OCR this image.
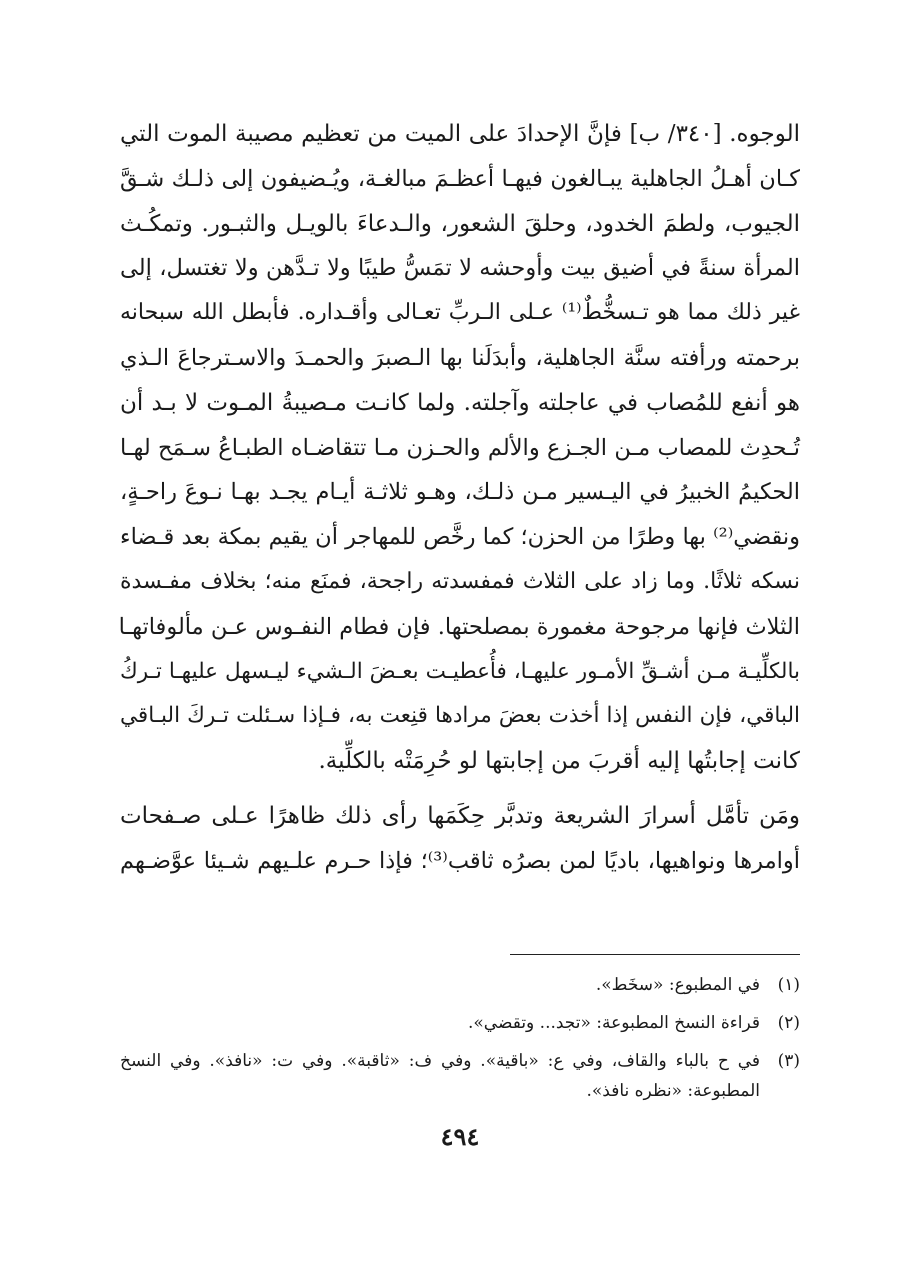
الوجوه. [٣٤٠/ ب] فإنَّ الإحدادَ على الميت من تعظيم مصيبة الموت التي
كـان أهـلُ الجاهلية يبـالغون فيهـا أعظـمَ مبالغـة، ويُـضيفون إلى ذلـك شـقَّ
الجيوب، ولطمَ الخدود، وحلقَ الشعور، والـدعاءَ بالويـل والثبـور. وتمكُـث
المرأة سنةً في أضيق بيت وأوحشه لا تمَسُّ طيبًا ولا تـدَّهن ولا تغتسل، إلى
غير ذلك مما هو تـسخُّطٌ⁽¹⁾ عـلى الـربِّ تعـالى وأقـداره. فأبطل الله سبحانه
برحمته ورأفته سنَّة الجاهلية، وأبدَلَنا بها الـصبرَ والحمـدَ والاسـترجاعَ الـذي
هو أنفع للمُصاب في عاجلته وآجلته. ولما كانـت مـصيبةُ المـوت لا بـد أن
تُـحدِث للمصاب مـن الجـزع والألم والحـزن مـا تتقاضـاه الطبـاعُ سـمَح لهـا
الحكيمُ الخبيرُ في اليـسير مـن ذلـك، وهـو ثلاثـة أيـام يجـد بهـا نـوعَ راحـةٍ،
ونقضي⁽²⁾ بها وطرًا من الحزن؛ كما رخَّص للمهاجر أن يقيم بمكة بعد قـضاء
نسكه ثلاثًا. وما زاد على الثلاث فمفسدته راجحة، فمنَع منه؛ بخلاف مفـسدة
الثلاث فإنها مرجوحة مغمورة بمصلحتها. فإن فطام النفـوس عـن مألوفاتهـا
بالكلِّيـة مـن أشـقِّ الأمـور عليهـا، فأُعطيـت بعـضَ الـشيء ليـسهل عليهـا تـركُ
الباقي، فإن النفس إذا أخذت بعضَ مرادها قنِعت به، فـإذا سـئلت تـركَ البـاقي
كانت إجابتُها إليه أقربَ من إجابتها لو حُرِمَتْه بالكلِّية.
ومَن تأمَّل أسرارَ الشريعة وتدبَّر حِكَمَها رأى ذلك ظاهرًا عـلى صـفحات
أوامرها ونواهيها، باديًا لمن بصرُه ثاقب⁽³⁾؛ فإذا حـرم علـيهم شـيئا عوَّضـهم
(١)
في المطبوع: «سخَط».
(٢)
قراءة النسخ المطبوعة: «تجد... وتقضي».
(٣)
في ح بالباء والقاف، وفي ع: «باقية». وفي ف: «ثاقبة». وفي ت: «نافذ». وفي النسخ
المطبوعة: «نظره نافذ».
٤٩٤
